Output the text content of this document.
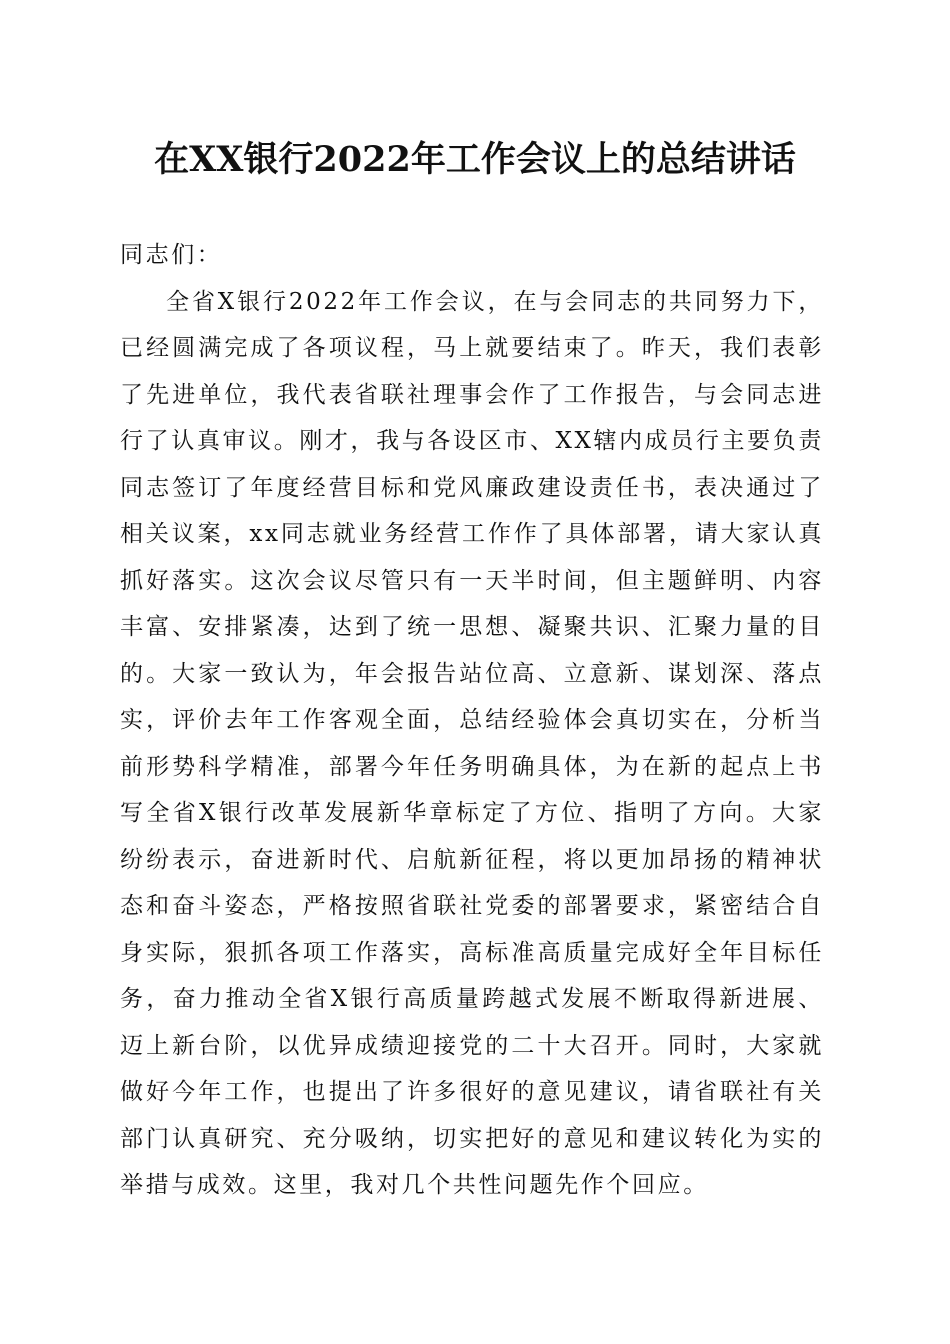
在XX银行2022年工作会议上的总结讲话

同志们：

全省X银行2022年工作会议，在与会同志的共同努力下，已经圆满完成了各项议程，马上就要结束了。昨天，我们表彰了先进单位，我代表省联社理事会作了工作报告，与会同志进行了认真审议。刚才，我与各设区市、XX辖内成员行主要负责同志签订了年度经营目标和党风廉政建设责任书，表决通过了相关议案，xx同志就业务经营工作作了具体部署，请大家认真抓好落实。这次会议尽管只有一天半时间，但主题鲜明、内容丰富、安排紧凑，达到了统一思想、凝聚共识、汇聚力量的目的。大家一致认为，年会报告站位高、立意新、谋划深、落点实，评价去年工作客观全面，总结经验体会真切实在，分析当前形势科学精准，部署今年任务明确具体，为在新的起点上书写全省X银行改革发展新华章标定了方位、指明了方向。大家纷纷表示，奋进新时代、启航新征程，将以更加昂扬的精神状态和奋斗姿态，严格按照省联社党委的部署要求，紧密结合自身实际，狠抓各项工作落实，高标准高质量完成好全年目标任务，奋力推动全省X银行高质量跨越式发展不断取得新进展、迈上新台阶，以优异成绩迎接党的二十大召开。同时，大家就做好今年工作，也提出了许多很好的意见建议，请省联社有关部门认真研究、充分吸纳，切实把好的意见和建议转化为实的举措与成效。这里，我对几个共性问题先作个回应。
